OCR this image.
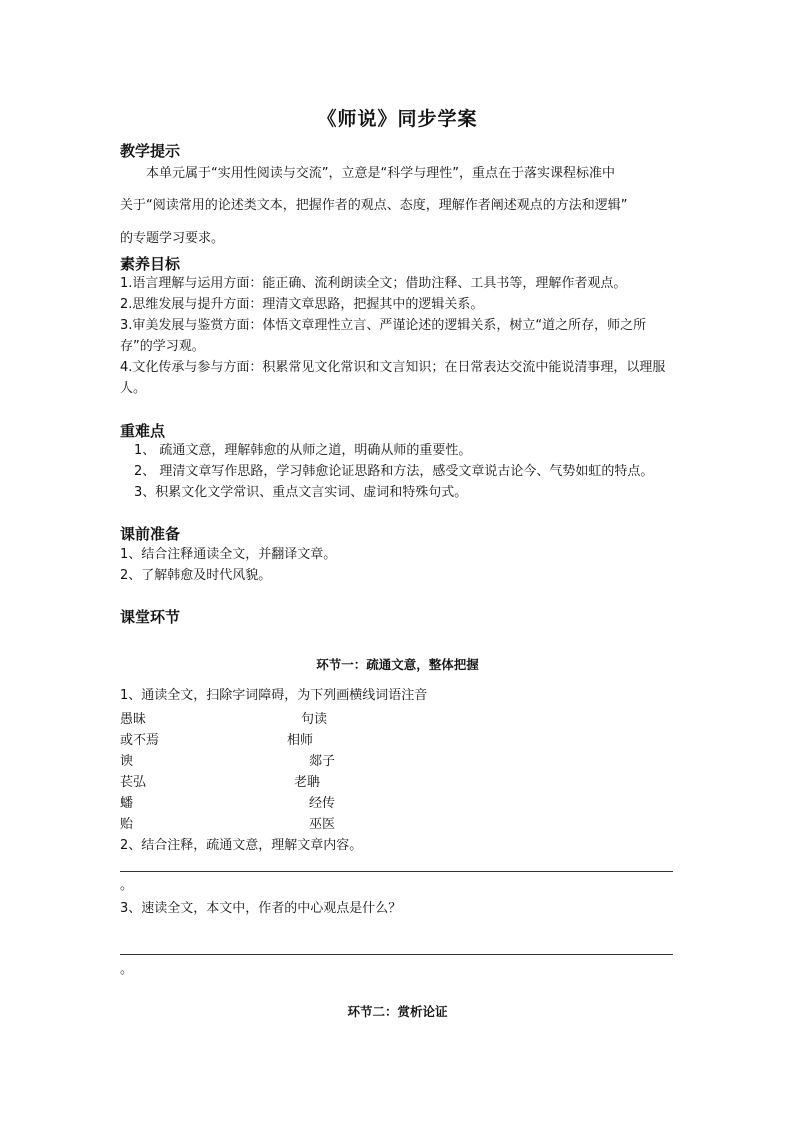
《师说》同步学案
教学提示
本单元属于“实用性阅读与交流”，立意是“科学与理性”，重点在于落实课程标准中
关于“阅读常用的论述类文本，把握作者的观点、态度，理解作者阐述观点的方法和逻辑”
的专题学习要求。
素养目标
1.语言理解与运用方面：能正确、流利朗读全文；借助注释、工具书等，理解作者观点。
2.思维发展与提升方面：理清文章思路，把握其中的逻辑关系。
3.审美发展与鉴赏方面：体悟文章理性立言、严谨论述的逻辑关系，树立“道之所存，师之所存”的学习观。
4.文化传承与参与方面：积累常见文化常识和文言知识；在日常表达交流中能说清事理，以理服人。
重难点
1、 疏通文意，理解韩愈的从师之道，明确从师的重要性。
2、 理清文章写作思路，学习韩愈论证思路和方法，感受文章说古论今、气势如虹的特点。
3、积累文化文学常识、重点文言实词、虚词和特殊句式。
课前准备
1、结合注释通读全文，并翻译文章。
2、了解韩愈及时代风貌。
课堂环节
环节一：疏通文意，整体把握
1、通读全文，扫除字词障碍，为下列画横线词语注音
愚昧	句读
或不焉	相师
谀	郯子
苌弘	老聃
蟠	经传
贻	巫医
2、结合注释，疏通文意，理解文章内容。
。
3、速读全文，本文中，作者的中心观点是什么？
。
环节二：赏析论证
